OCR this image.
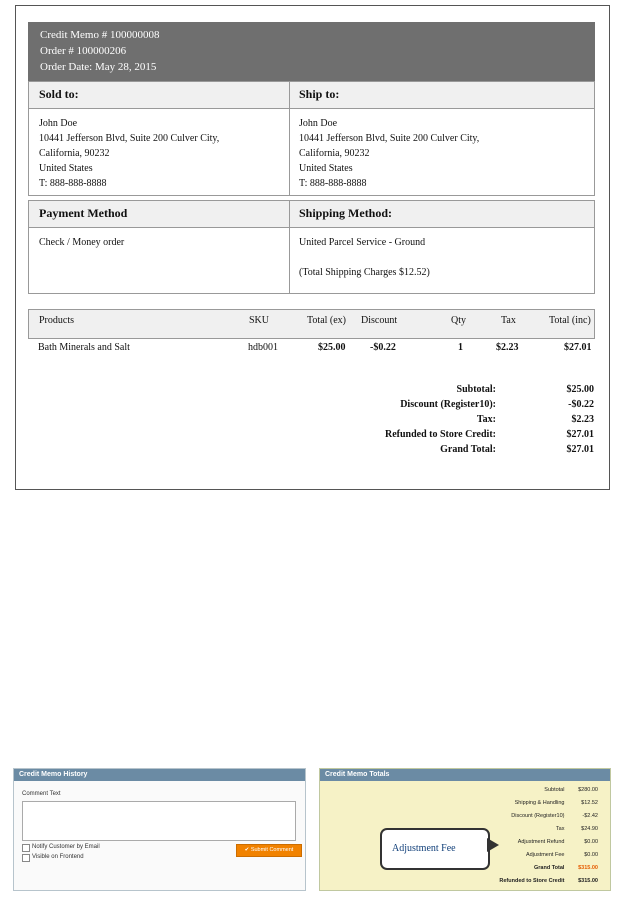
Credit Memo # 100000008
Order # 100000206
Order Date: May 28, 2015
Sold to:	Ship to:
John Doe
10441 Jefferson Blvd, Suite 200 Culver City,
California, 90232
United States
T: 888-888-8888
John Doe
10441 Jefferson Blvd, Suite 200 Culver City,
California, 90232
United States
T: 888-888-8888
Payment Method	Shipping Method:
Check / Money order	United Parcel Service - Ground
(Total Shipping Charges $12.52)
Products	SKU	Total (ex) Discount	Qty	Tax	Total (inc)
Bath Minerals and Salt	hdb001	$25.00 -$0.22	1	$2.23	$27.01
Subtotal:	$25.00
Discount (Register10):	-$0.22
Tax:	$2.23
Refunded to Store Credit:	$27.01
Grand Total:	$27.01
Credit Memo History
Comment Text
Notify Customer by Email
Visible on Frontend
✔ Submit Comment
Credit Memo Totals
Subtotal $280.00
Shipping & Handling	$12.52
Discount (Register10)	-$2.42
Tax	$24.90
Adjustment Refund	$0.00
Adjustment Fee	$0.00
Grand Total $315.00
Refunded to Store Credit $315.00
Adjustment Fee
